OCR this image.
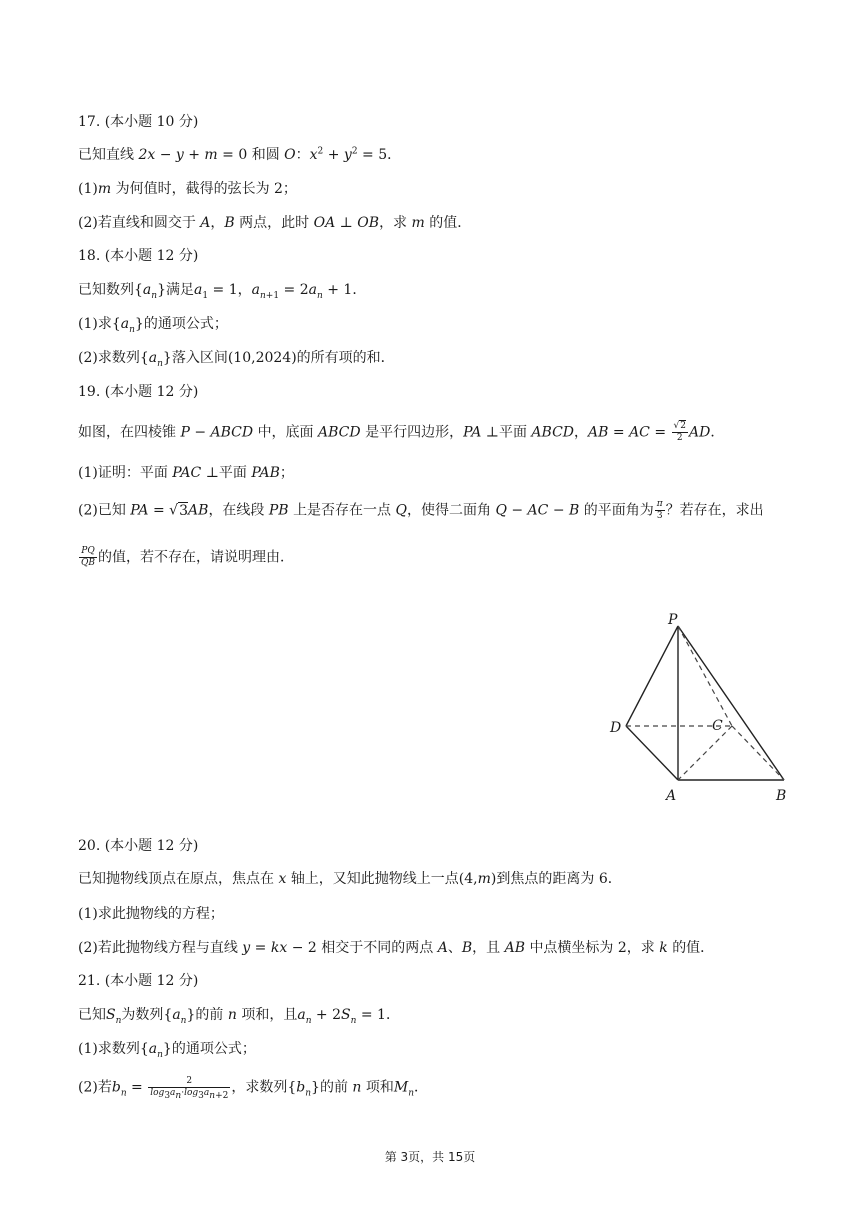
17. (本小题 10 分)
已知直线 2x − y + m = 0 和圆 O：$x^2 + y^2 = 5$．
(1)m 为何值时，截得的弦长为 2；
(2)若直线和圆交于 A，B 两点，此时 OA ⊥ OB，求 m 的值．
18. (本小题 12 分)
已知数列$\{a_n\}$满足$a_1 = 1$，$a_{n+1} = 2a_n + 1$．
(1)求$\{a_n\}$的通项公式；
(2)求数列$\{a_n\}$落入区间(10,2024)的所有项的和．
19. (本小题 12 分)
如图，在四棱锥 P − ABCD 中，底面 ABCD 是平行四边形，PA ⊥平面 ABCD，AB = AC = $\frac{√2}{2}$ AD．
(1)证明：平面 PAC ⊥平面 PAB；
(2)已知 PA = √3AB，在线段 PB 上是否存在一点 Q，使得二面角 Q − AC − B 的平面角为 $\frac{\pi}{3}$ ？若存在，求出
$\frac{PQ}{QB}$ 的值，若不存在，请说明理由．
P
D	C
A	B
20. (本小题 12 分)
已知抛物线顶点在原点，焦点在 x 轴上，又知此抛物线上一点(4,m)到焦点的距离为 6．
(1)求此抛物线的方程；
(2)若此抛物线方程与直线 y = kx − 2 相交于不同的两点 A、B，且 AB 中点横坐标为 2，求 k 的值．
21. (本小题 12 分)
已知$S_n$为数列$\{a_n\}$的前 n 项和，且$a_n + 2S_n = 1$．
(1)求数列$\{a_n\}$的通项公式；
(2)若$b_n = \frac{2}{\log_3a_n\cdot\log_3a_{n+2}}$ ，求数列$\{b_n\}$的前 n 项和$M_n$．
第 3页，共 15页
